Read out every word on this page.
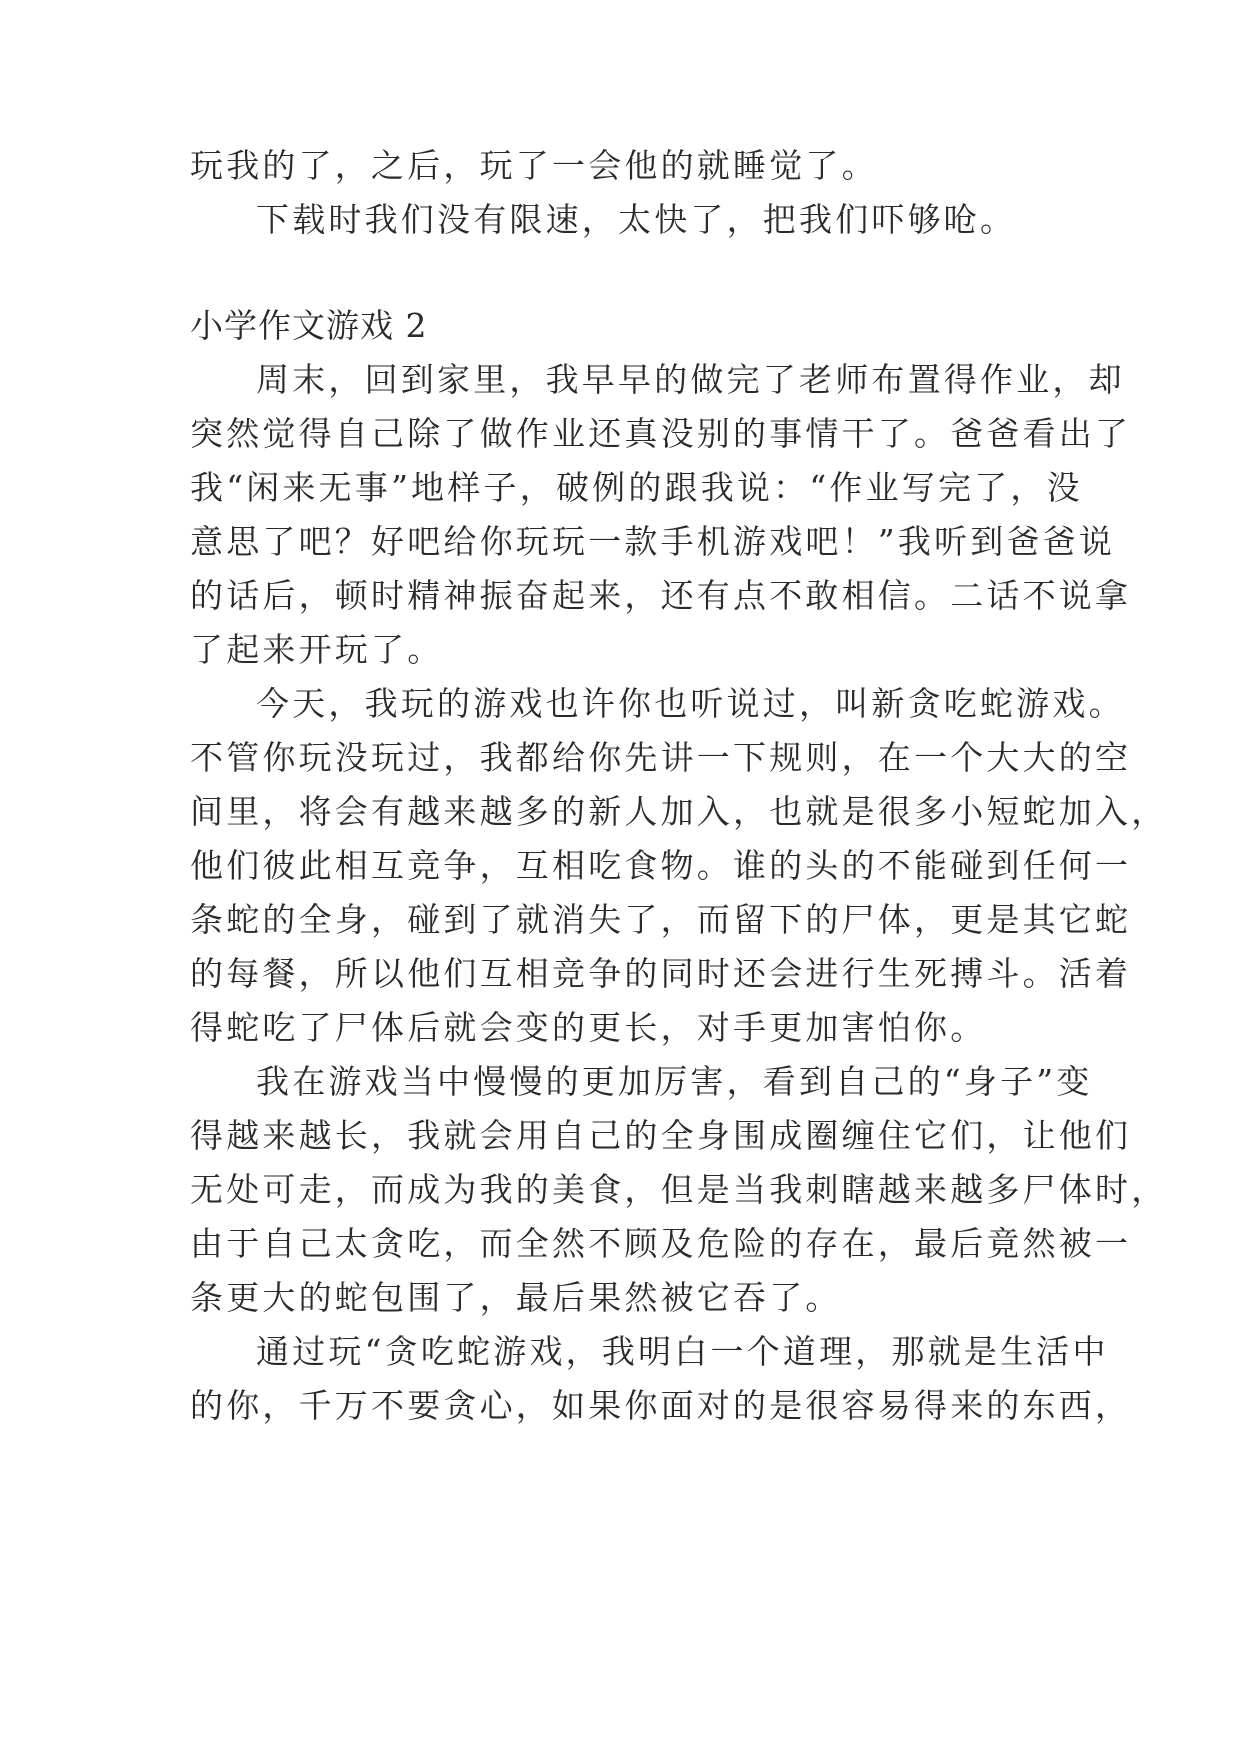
玩我的了，之后，玩了一会他的就睡觉了。
下载时我们没有限速，太快了，把我们吓够呛。
小学作文游戏 2
周末，回到家里，我早早的做完了老师布置得作业，却
突然觉得自己除了做作业还真没别的事情干了。爸爸看出了
我“闲来无事”地样子，破例的跟我说：“作业写完了，没
意思了吧？好吧给你玩玩一款手机游戏吧！”我听到爸爸说
的话后，顿时精神振奋起来，还有点不敢相信。二话不说拿
了起来开玩了。
今天，我玩的游戏也许你也听说过，叫新贪吃蛇游戏。
不管你玩没玩过，我都给你先讲一下规则，在一个大大的空
间里，将会有越来越多的新人加入，也就是很多小短蛇加入，
他们彼此相互竞争，互相吃食物。谁的头的不能碰到任何一
条蛇的全身，碰到了就消失了，而留下的尸体，更是其它蛇
的每餐，所以他们互相竞争的同时还会进行生死搏斗。活着
得蛇吃了尸体后就会变的更长，对手更加害怕你。
我在游戏当中慢慢的更加厉害，看到自己的“身子”变
得越来越长，我就会用自己的全身围成圈缠住它们，让他们
无处可走，而成为我的美食，但是当我刺瞎越来越多尸体时，
由于自己太贪吃，而全然不顾及危险的存在，最后竟然被一
条更大的蛇包围了，最后果然被它吞了。
通过玩“贪吃蛇游戏，我明白一个道理，那就是生活中
的你，千万不要贪心，如果你面对的是很容易得来的东西，
